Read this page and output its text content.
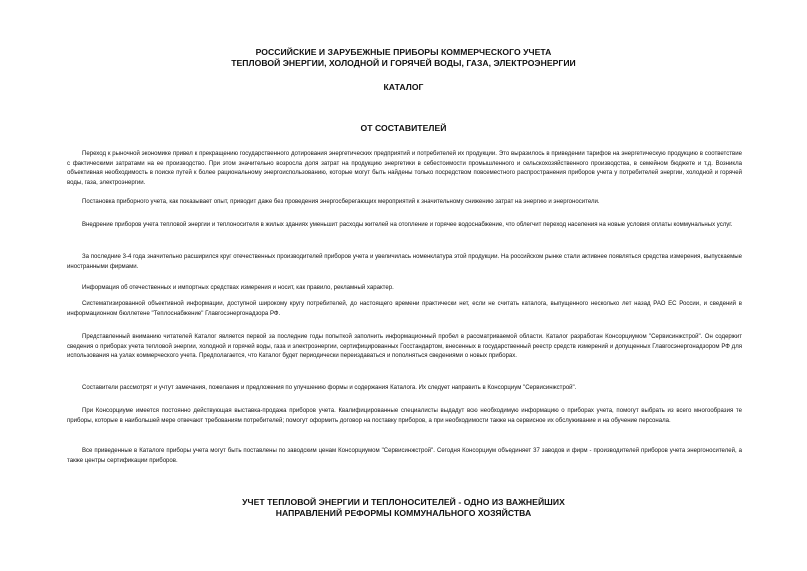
РОССИЙСКИЕ И ЗАРУБЕЖНЫЕ ПРИБОРЫ КОММЕРЧЕСКОГО УЧЕТА
ТЕПЛОВОЙ ЭНЕРГИИ, ХОЛОДНОЙ И ГОРЯЧЕЙ ВОДЫ, ГАЗА, ЭЛЕКТРОЭНЕРГИИ
КАТАЛОГ
ОТ СОСТАВИТЕЛЕЙ
Переход к рыночной экономике привел к прекращению государственного дотирования энергетических предприятий и потребителей их продукции. Это выразилось в приведении тарифов на энергетическую продукцию в соответствие с фактическими затратами на ее производство. При этом значительно возросла доля затрат на продукцию энергетики в себестоимости промышленного и сельскохозяйственного производства, в семейном бюджете и т.д. Возникла объективная необходимость в поиске путей к более рациональному энергоиспользованию, которые могут быть найдены только посредством повсеместного распространения приборов учета у потребителей энергии, холодной и горячей воды, газа, электроэнергии.
Постановка приборного учета, как показывает опыт, приводит даже без проведения энергосберегающих мероприятий к значительному снижению затрат на энергию и энергоносители.
Внедрение приборов учета тепловой энергии и теплоносителя в жилых зданиях уменьшит расходы жителей на отопление и горячее водоснабжение, что облегчит переход населения на новые условия оплаты коммунальных услуг.
За последние 3-4 года значительно расширился круг отечественных производителей приборов учета и увеличилась номенклатура этой продукции. На российском рынке стали активнее появляться средства измерения, выпускаемые иностранными фирмами.
Информация об отечественных и импортных средствах измерения и носит, как правило, рекламный характер.
Систематизированной объективной информации, доступной широкому кругу потребителей, до настоящего времени практически нет, если не считать каталога, выпущенного несколько лет назад РАО ЕС России, и сведений в информационном бюллетене "Теплоснабжение" Главгосэнергонадзора РФ.
Представленный вниманию читателей Каталог является первой за последние годы попыткой заполнить информационный пробел в рассматриваемой области. Каталог разработан Консорциумом "Сервисинжстрой". Он содержит сведения о приборах учета тепловой энергии, холодной и горячей воды, газа и электроэнергии, сертифицированных Госстандартом, внесенных в государственный реестр средств измерений и допущенных Главгосэнергонадзором РФ для использования на узлах коммерческого учета. Предполагается, что Каталог будет периодически переиздаваться и пополняться сведениями о новых приборах.
Составители рассмотрят и учтут замечания, пожелания и предложения по улучшению формы и содержания Каталога. Их следует направить в Консорциум "Сервисинжстрой".
При Консорциуме имеется постоянно действующая выставка-продажа приборов учета. Квалифицированные специалисты выдадут всю необходимую информацию о приборах учета, помогут выбрать из всего многообразия те приборы, которые в наибольшей мере отвечают требованиям потребителей; помогут оформить договор на поставку приборов, а при необходимости также на сервисное их обслуживание и на обучение персонала.
Все приведенные в Каталоге приборы учета могут быть поставлены по заводским ценам Консорциумом "Сервисинжстрой". Сегодня Консорциум объединяет 37 заводов и фирм - производителей приборов учета энергоносителей, а также центры сертификации приборов.
УЧЕТ ТЕПЛОВОЙ ЭНЕРГИИ И ТЕПЛОНОСИТЕЛЕЙ - ОДНО ИЗ ВАЖНЕЙШИХ
НАПРАВЛЕНИЙ РЕФОРМЫ КОММУНАЛЬНОГО ХОЗЯЙСТВА
